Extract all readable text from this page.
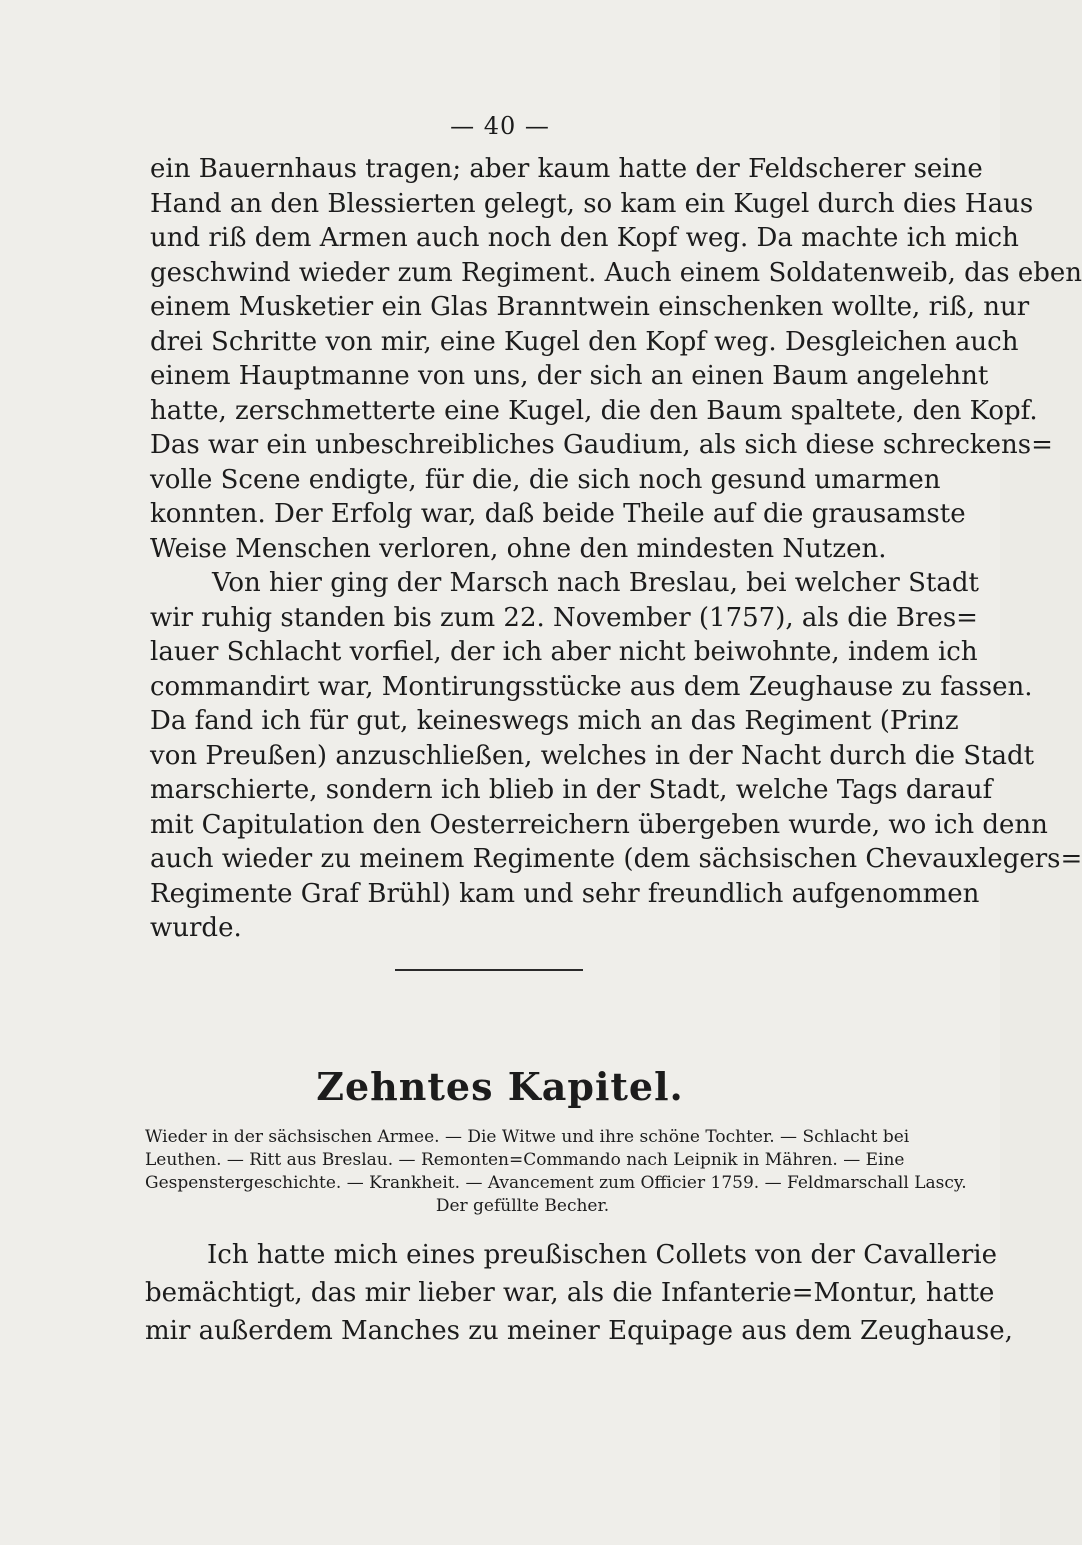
— 40 —

ein Bauernhaus tragen; aber kaum hatte der Feldscherer seine
Hand an den Blessierten gelegt, so kam ein Kugel durch dies Haus
und riß dem Armen auch noch den Kopf weg. Da machte ich mich
geschwind wieder zum Regiment. Auch einem Soldatenweib, das eben
einem Musketier ein Glas Branntwein einschenken wollte, riß, nur
drei Schritte von mir, eine Kugel den Kopf weg. Desgleichen auch
einem Hauptmanne von uns, der sich an einen Baum angelehnt
hatte, zerschmetterte eine Kugel, die den Baum spaltete, den Kopf.
Das war ein unbeschreibliches Gaudium, als sich diese schreckens=
volle Scene endigte, für die, die sich noch gesund umarmen
konnten. Der Erfolg war, daß beide Theile auf die grausamste
Weise Menschen verloren, ohne den mindesten Nutzen.
Von hier ging der Marsch nach Breslau, bei welcher Stadt
wir ruhig standen bis zum 22. November (1757), als die Bres=
lauer Schlacht vorfiel, der ich aber nicht beiwohnte, indem ich
commandirt war, Montirungsstücke aus dem Zeughause zu fassen.
Da fand ich für gut, keineswegs mich an das Regiment (Prinz
von Preußen) anzuschließen, welches in der Nacht durch die Stadt
marschierte, sondern ich blieb in der Stadt, welche Tags darauf
mit Capitulation den Oesterreichern übergeben wurde, wo ich denn
auch wieder zu meinem Regimente (dem sächsischen Chevauxlegers=
Regimente Graf Brühl) kam und sehr freundlich aufgenommen
wurde.

Zehntes Kapitel.
Wieder in der sächsischen Armee. — Die Witwe und ihre schöne Tochter. — Schlacht bei
Leuthen. — Ritt aus Breslau. — Remonten=Commando nach Leipnik in Mähren. — Eine
Gespenstergeschichte. — Krankheit. — Avancement zum Officier 1759. — Feldmarschall Lascy.
Der gefüllte Becher.

Ich hatte mich eines preußischen Collets von der Cavallerie
bemächtigt, das mir lieber war, als die Infanterie=Montur, hatte
mir außerdem Manches zu meiner Equipage aus dem Zeughause,
